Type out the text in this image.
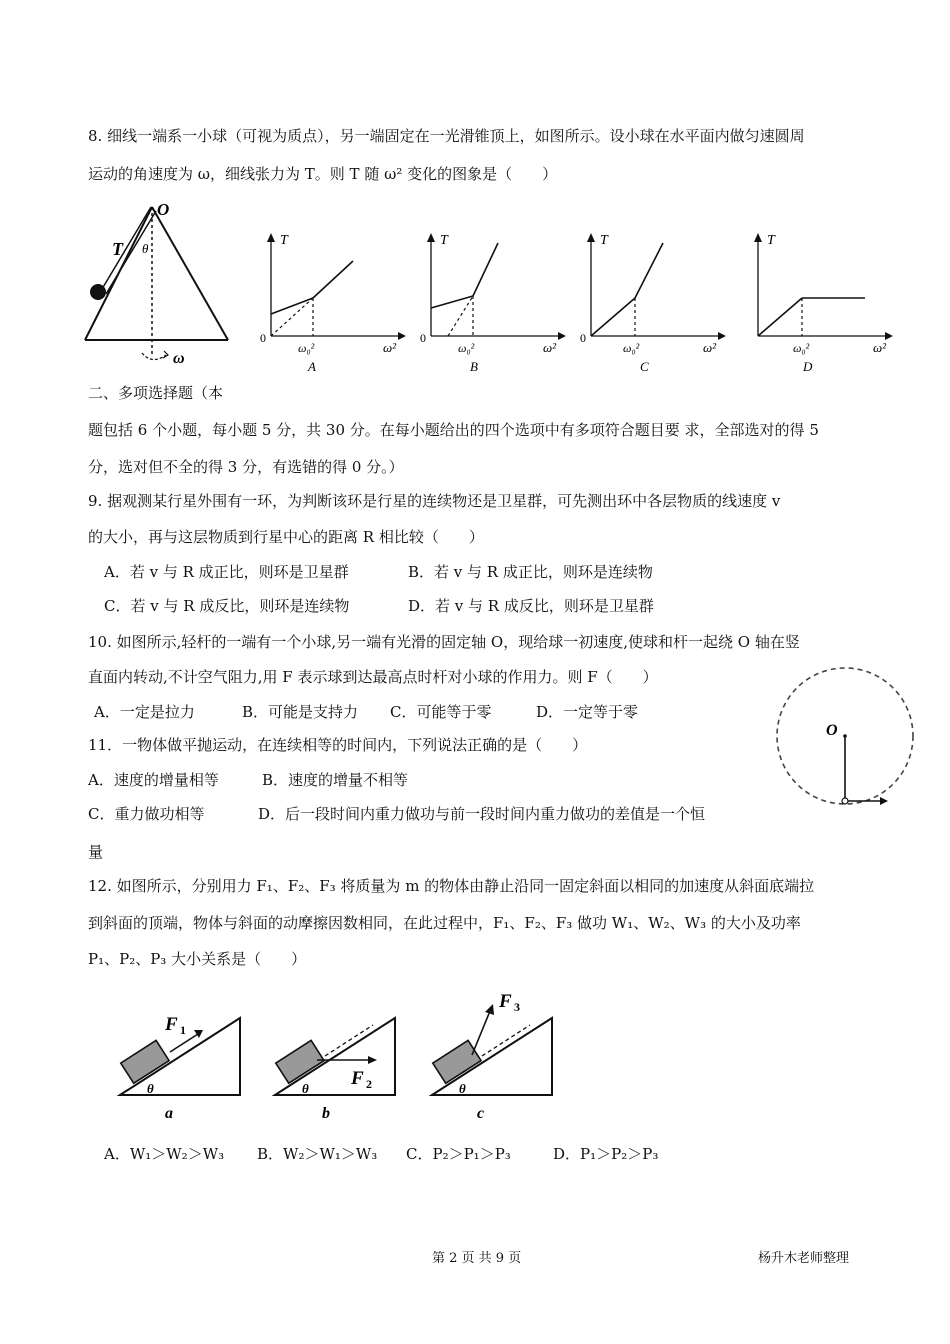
8. 细线一端系一小球（可视为质点），另一端固定在一光滑锥顶上，如图所示。设小球在水平面内做匀速圆周
运动的角速度为 ω，细线张力为 T。则 T 随 ω² 变化的图象是（　　）
O
T θ
ω
T
0
ω₀²	ω²
A
T
0
ω₀²	ω²
B
T
0
ω₀²	ω²
C
T
ω₀²	ω²
D
二、多项选择题（本
题包括 6 个小题，每小题 5 分，共 30 分。在每小题给出的四个选项中有多项符合题目要 求，全部选对的得 5
分，选对但不全的得 3 分，有选错的得 0 分。）
9. 据观测某行星外围有一环，为判断该环是行星的连续物还是卫星群，可先测出环中各层物质的线速度 v
的大小，再与这层物质到行星中心的距离 R 相比较（　　）
A．若 v 与 R 成正比，则环是卫星群	B．若 v 与 R 成正比，则环是连续物
C．若 v 与 R 成反比，则环是连续物	D．若 v 与 R 成反比，则环是卫星群
10. 如图所示,轻杆的一端有一个小球,另一端有光滑的固定轴 O，现给球一初速度,使球和杆一起绕 O 轴在竖
直面内转动,不计空气阻力,用 F 表示球到达最高点时杆对小球的作用力。则 F（　　）
A．一定是拉力	B．可能是支持力 C．可能等于零	D．一定等于零
O
11．一物体做平抛运动，在连续相等的时间内，下列说法正确的是（　　）
A．速度的增量相等	B．速度的增量不相等
C．重力做功相等	D．后一段时间内重力做功与前一段时间内重力做功的差值是一个恒
量
12. 如图所示，分别用力 F₁、F₂、F₃ 将质量为 m 的物体由静止沿同一固定斜面以相同的加速度从斜面底端拉
到斜面的顶端，物体与斜面的动摩擦因数相同，在此过程中，F₁、F₂、F₃ 做功 W₁、W₂、W₃ 的大小及功率
P₁、P₂、P₃ 大小关系是（　　）
F 1
θ
a
F 2
θ
b
F 3
θ
c
A．W₁＞W₂＞W₃ B．W₂＞W₁＞W₃ C．P₂＞P₁＞P₃	D．P₁＞P₂＞P₃
第 2 页 共 9 页	杨升木老师整理
